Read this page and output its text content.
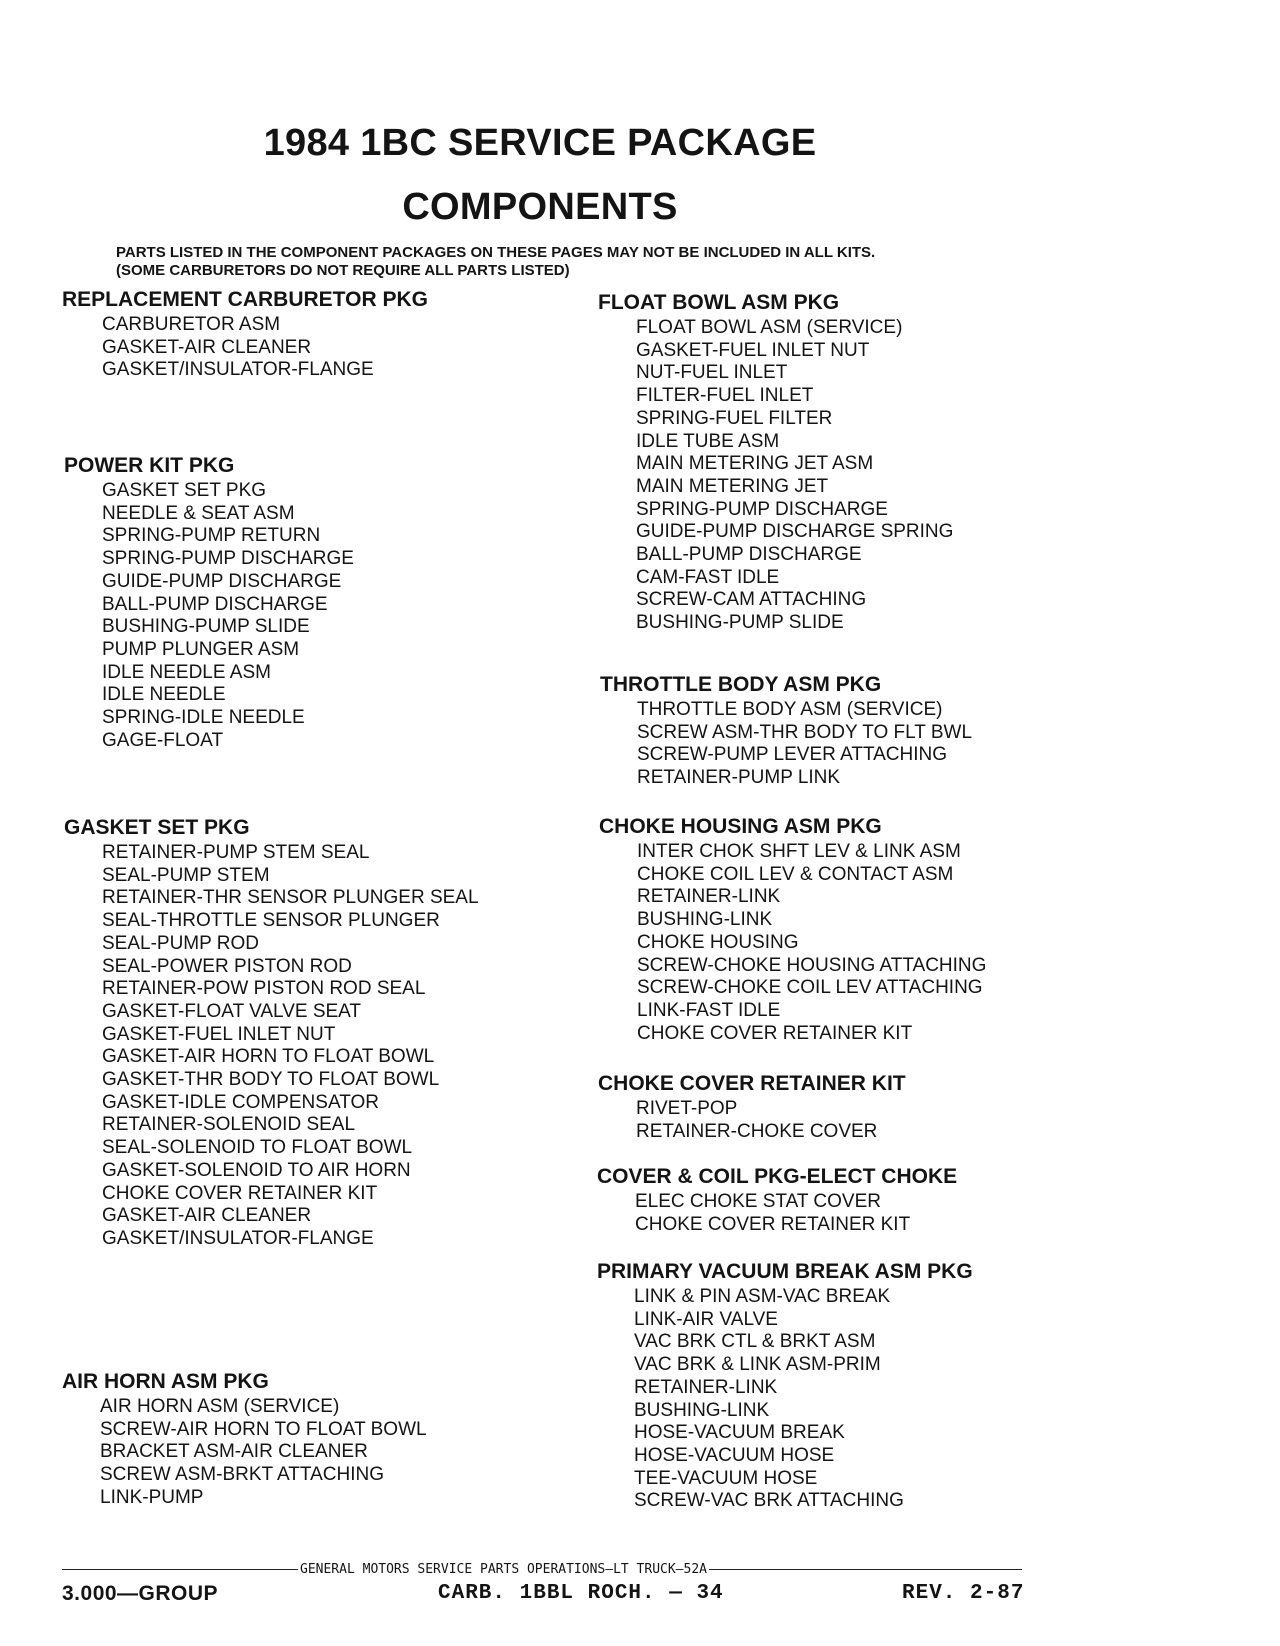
1984 1BC SERVICE PACKAGE
COMPONENTS
PARTS LISTED IN THE COMPONENT PACKAGES ON THESE PAGES MAY NOT BE INCLUDED IN ALL KITS.
(SOME CARBURETORS DO NOT REQUIRE ALL PARTS LISTED)
REPLACEMENT CARBURETOR PKG
CARBURETOR ASM
GASKET-AIR CLEANER
GASKET/INSULATOR-FLANGE
POWER KIT PKG
GASKET SET PKG
NEEDLE & SEAT ASM
SPRING-PUMP RETURN
SPRING-PUMP DISCHARGE
GUIDE-PUMP DISCHARGE
BALL-PUMP DISCHARGE
BUSHING-PUMP SLIDE
PUMP PLUNGER ASM
IDLE NEEDLE ASM
IDLE NEEDLE
SPRING-IDLE NEEDLE
GAGE-FLOAT
GASKET SET PKG
RETAINER-PUMP STEM SEAL
SEAL-PUMP STEM
RETAINER-THR SENSOR PLUNGER SEAL
SEAL-THROTTLE SENSOR PLUNGER
SEAL-PUMP ROD
SEAL-POWER PISTON ROD
RETAINER-POW PISTON ROD SEAL
GASKET-FLOAT VALVE SEAT
GASKET-FUEL INLET NUT
GASKET-AIR HORN TO FLOAT BOWL
GASKET-THR BODY TO FLOAT BOWL
GASKET-IDLE COMPENSATOR
RETAINER-SOLENOID SEAL
SEAL-SOLENOID TO FLOAT BOWL
GASKET-SOLENOID TO AIR HORN
CHOKE COVER RETAINER KIT
GASKET-AIR CLEANER
GASKET/INSULATOR-FLANGE
AIR HORN ASM PKG
AIR HORN ASM (SERVICE)
SCREW-AIR HORN TO FLOAT BOWL
BRACKET ASM-AIR CLEANER
SCREW ASM-BRKT ATTACHING
LINK-PUMP
FLOAT BOWL ASM PKG
FLOAT BOWL ASM (SERVICE)
GASKET-FUEL INLET NUT
NUT-FUEL INLET
FILTER-FUEL INLET
SPRING-FUEL FILTER
IDLE TUBE ASM
MAIN METERING JET ASM
MAIN METERING JET
SPRING-PUMP DISCHARGE
GUIDE-PUMP DISCHARGE SPRING
BALL-PUMP DISCHARGE
CAM-FAST IDLE
SCREW-CAM ATTACHING
BUSHING-PUMP SLIDE
THROTTLE BODY ASM PKG
THROTTLE BODY ASM (SERVICE)
SCREW ASM-THR BODY TO FLT BWL
SCREW-PUMP LEVER ATTACHING
RETAINER-PUMP LINK
CHOKE HOUSING ASM PKG
INTER CHOK SHFT LEV & LINK ASM
CHOKE COIL LEV & CONTACT ASM
RETAINER-LINK
BUSHING-LINK
CHOKE HOUSING
SCREW-CHOKE HOUSING ATTACHING
SCREW-CHOKE COIL LEV ATTACHING
LINK-FAST IDLE
CHOKE COVER RETAINER KIT
CHOKE COVER RETAINER KIT
RIVET-POP
RETAINER-CHOKE COVER
COVER & COIL PKG-ELECT CHOKE
ELEC CHOKE STAT COVER
CHOKE COVER RETAINER KIT
PRIMARY VACUUM BREAK ASM PKG
LINK & PIN ASM-VAC BREAK
LINK-AIR VALVE
VAC BRK CTL & BRKT ASM
VAC BRK & LINK ASM-PRIM
RETAINER-LINK
BUSHING-LINK
HOSE-VACUUM BREAK
HOSE-VACUUM HOSE
TEE-VACUUM HOSE
SCREW-VAC BRK ATTACHING
GENERAL MOTORS SERVICE PARTS OPERATIONS—LT TRUCK—52A
3.000—GROUP	CARB. 1BBL ROCH. — 34	REV. 2-87
